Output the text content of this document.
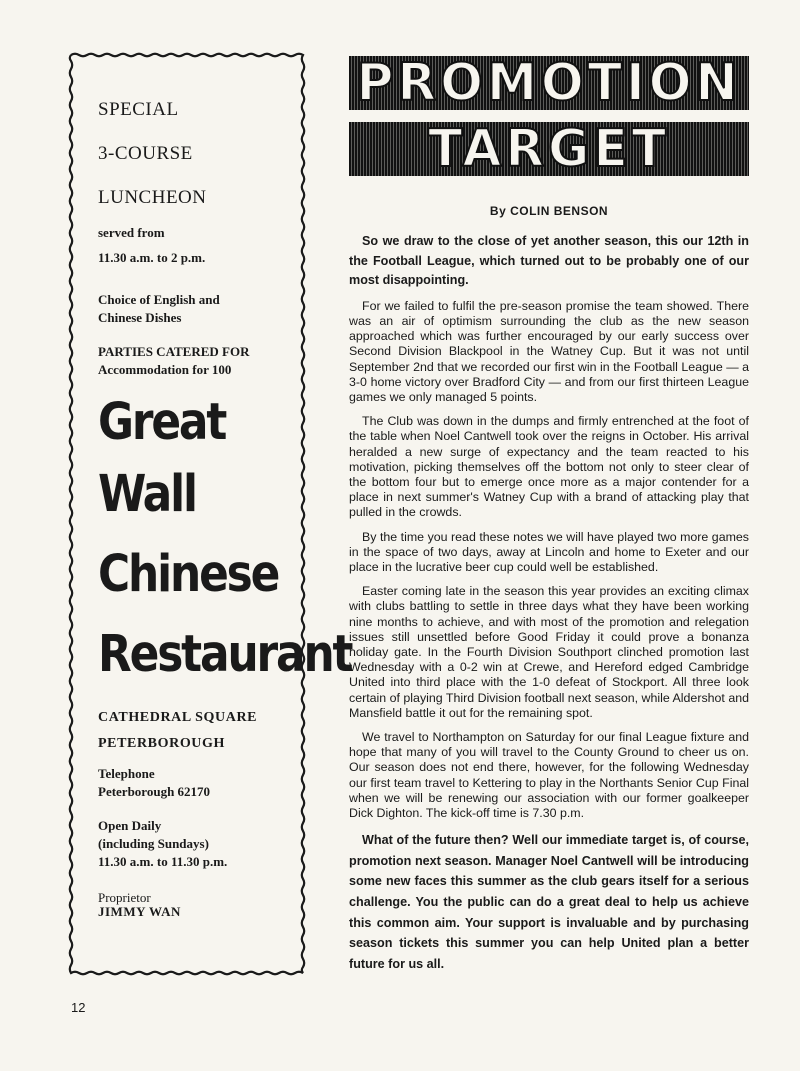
SPECIAL
3-COURSE
LUNCHEON
served from
11.30 a.m. to 2 p.m.
Choice of English and
Chinese Dishes
PARTIES CATERED FOR
Accommodation for 100
Great
Wall
Chinese
Restaurant
CATHEDRAL SQUARE
PETERBOROUGH
Telephone
Peterborough 62170
Open Daily
(including Sundays)
11.30 a.m. to 11.30 p.m.
Proprietor
JIMMY WAN
PROMOTION
TARGET
By COLIN BENSON

So we draw to the close of yet another season, this our 12th in the Football League, which turned out to be probably one of our most disappointing.

For we failed to fulfil the pre-season promise the team showed. There was an air of optimism surrounding the club as the new season approached which was further encouraged by our early success over Second Division Blackpool in the Watney Cup. But it was not until September 2nd that we recorded our first win in the Football League — a 3-0 home victory over Bradford City — and from our first thirteen League games we only managed 5 points.

The Club was down in the dumps and firmly entrenched at the foot of the table when Noel Cantwell took over the reigns in October. His arrival heralded a new surge of expectancy and the team reacted to his motivation, picking themselves off the bottom not only to steer clear of the bottom four but to emerge once more as a major contender for a place in next summer's Watney Cup with a brand of attacking play that pulled in the crowds.

By the time you read these notes we will have played two more games in the space of two days, away at Lincoln and home to Exeter and our place in the lucrative beer cup could well be established.

Easter coming late in the season this year provides an exciting climax with clubs battling to settle in three days what they have been working nine months to achieve, and with most of the promotion and relegation issues still unsettled before Good Friday it could prove a bonanza holiday gate. In the Fourth Division Southport clinched promotion last Wednesday with a 0-2 win at Crewe, and Hereford edged Cambridge United into third place with the 1-0 defeat of Stockport. All three look certain of playing Third Division football next season, while Aldershot and Mansfield battle it out for the remaining spot.

We travel to Northampton on Saturday for our final League fixture and hope that many of you will travel to the County Ground to cheer us on. Our season does not end there, however, for the following Wednesday our first team travel to Kettering to play in the Northants Senior Cup Final when we will be renewing our association with our former goalkeeper Dick Dighton. The kick-off time is 7.30 p.m.

What of the future then? Well our immediate target is, of course, promotion next season. Manager Noel Cantwell will be introducing some new faces this summer as the club gears itself for a serious challenge. You the public can do a great deal to help us achieve this common aim. Your support is invaluable and by purchasing season tickets this summer you can help United plan a better future for us all.

12
